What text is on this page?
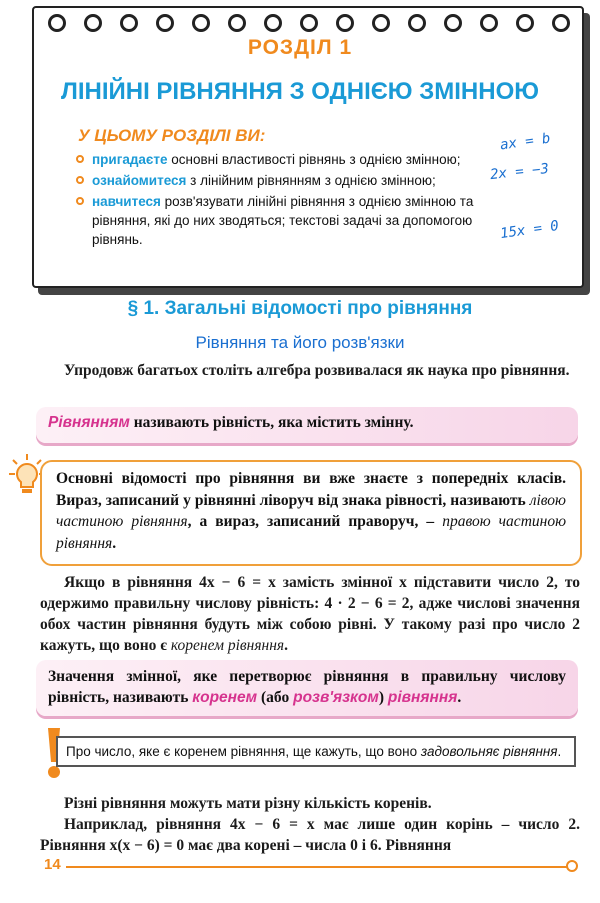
РОЗДІЛ 1
ЛІНІЙНІ РІВНЯННЯ З ОДНІЄЮ ЗМІННОЮ
У ЦЬОМУ РОЗДІЛІ ВИ:
пригадаєте основні властивості рівнянь з однією змінною;
ознайомитеся з лінійним рівнянням з однією змінною;
навчитеся розв'язувати лінійні рівняння з однією змінною та рівняння, які до них зводяться; текстові задачі за допомогою рівнянь.
ax = b
2x = −3
15x = 0
§ 1. Загальні відомості про рівняння
Рівняння та його розв'язки
Упродовж багатьох століть алгебра розвивалася як наука про рівняння.
Рівнянням називають рівність, яка містить змінну.
Основні відомості про рівняння ви вже знаєте з попередніх класів. Вираз, записаний у рівнянні ліворуч від знака рівності, називають лівою частиною рівняння, а вираз, записаний праворуч, – правою частиною рівняння.
Якщо в рівняння 4x − 6 = x замість змінної x підставити число 2, то одержимо правильну числову рівність: 4 · 2 − 6 = 2, адже числові значення обох частин рівняння будуть між собою рівні. У такому разі про число 2 кажуть, що воно є коренем рівняння.
Значення змінної, яке перетворює рівняння в правильну числову рівність, називають коренем (або розв'язком) рівняння.
Про число, яке є коренем рівняння, ще кажуть, що воно задовольняє рівняння.
Різні рівняння можуть мати різну кількість коренів.
Наприклад, рівняння 4x − 6 = x має лише один корінь – число 2. Рівняння x(x − 6) = 0 має два корені – числа 0 і 6. Рівняння
14
